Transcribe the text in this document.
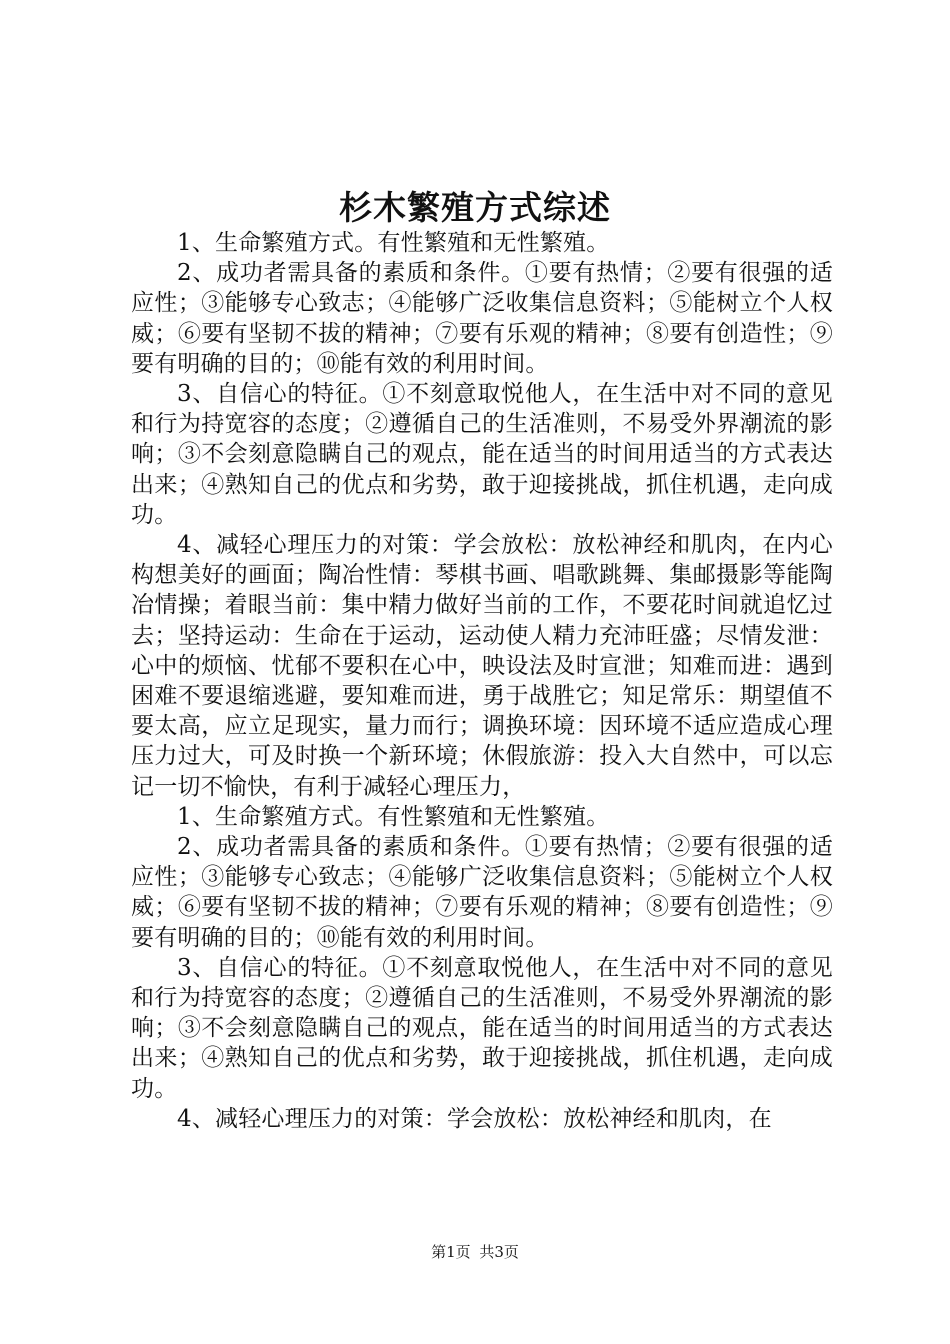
杉木繁殖方式综述

1、生命繁殖方式。有性繁殖和无性繁殖。

2、成功者需具备的素质和条件。①要有热情；②要有很强的适应性；③能够专心致志；④能够广泛收集信息资料；⑤能树立个人权威；⑥要有坚韧不拔的精神；⑦要有乐观的精神；⑧要有创造性；⑨要有明确的目的；⑩能有效的利用时间。

3、自信心的特征。①不刻意取悦他人，在生活中对不同的意见和行为持宽容的态度；②遵循自己的生活准则，不易受外界潮流的影响；③不会刻意隐瞒自己的观点，能在适当的时间用适当的方式表达出来；④熟知自己的优点和劣势，敢于迎接挑战，抓住机遇，走向成功。

4、减轻心理压力的对策：学会放松：放松神经和肌肉，在内心构想美好的画面；陶冶性情：琴棋书画、唱歌跳舞、集邮摄影等能陶冶情操；着眼当前：集中精力做好当前的工作，不要花时间就追忆过去；坚持运动：生命在于运动，运动使人精力充沛旺盛；尽情发泄：心中的烦恼、忧郁不要积在心中，映设法及时宣泄；知难而进：遇到困难不要退缩逃避，要知难而进，勇于战胜它；知足常乐：期望值不要太高，应立足现实，量力而行；调换环境：因环境不适应造成心理压力过大，可及时换一个新环境；休假旅游：投入大自然中，可以忘记一切不愉快，有利于减轻心理压力，

1、生命繁殖方式。有性繁殖和无性繁殖。

2、成功者需具备的素质和条件。①要有热情；②要有很强的适应性；③能够专心致志；④能够广泛收集信息资料；⑤能树立个人权威；⑥要有坚韧不拔的精神；⑦要有乐观的精神；⑧要有创造性；⑨要有明确的目的；⑩能有效的利用时间。

3、自信心的特征。①不刻意取悦他人，在生活中对不同的意见和行为持宽容的态度；②遵循自己的生活准则，不易受外界潮流的影响；③不会刻意隐瞒自己的观点，能在适当的时间用适当的方式表达出来；④熟知自己的优点和劣势，敢于迎接挑战，抓住机遇，走向成功。

4、减轻心理压力的对策：学会放松：放松神经和肌肉，在

第1页 共3页
